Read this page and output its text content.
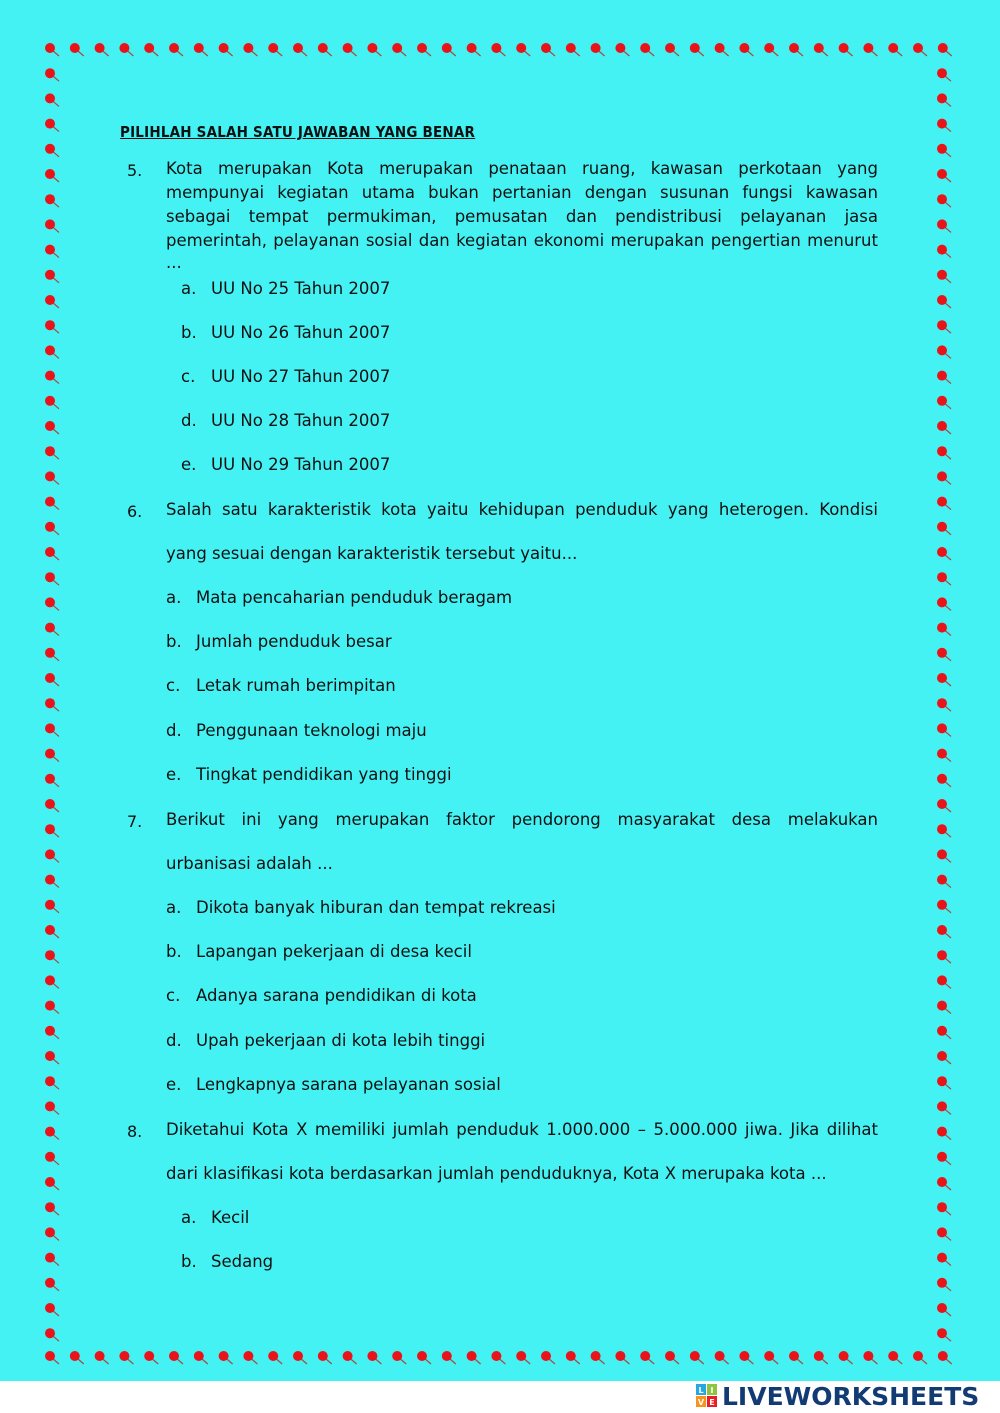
PILIHLAH SALAH SATU JAWABAN YANG BENAR
5. Kota merupakan Kota merupakan penataan ruang, kawasan perkotaan yang
mempunyai kegiatan utama bukan pertanian dengan susunan fungsi kawasan
sebagai tempat permukiman, pemusatan dan pendistribusi pelayanan jasa
pemerintah, pelayanan sosial dan kegiatan ekonomi merupakan pengertian menurut
...
a. UU No 25 Tahun 2007
b. UU No 26 Tahun 2007
c. UU No 27 Tahun 2007
d. UU No 28 Tahun 2007
e. UU No 29 Tahun 2007
6. Salah satu karakteristik kota yaitu kehidupan penduduk yang heterogen. Kondisi
yang sesuai dengan karakteristik tersebut yaitu...
a. Mata pencaharian penduduk beragam
b. Jumlah penduduk besar
c. Letak rumah berimpitan
d. Penggunaan teknologi maju
e. Tingkat pendidikan yang tinggi
7. Berikut ini yang merupakan faktor pendorong masyarakat desa melakukan
urbanisasi adalah ...
a. Dikota banyak hiburan dan tempat rekreasi
b. Lapangan pekerjaan di desa kecil
c. Adanya sarana pendidikan di kota
d. Upah pekerjaan di kota lebih tinggi
e. Lengkapnya sarana pelayanan sosial
8. Diketahui Kota X memiliki jumlah penduduk 1.000.000 – 5.000.000 jiwa. Jika dilihat
dari klasifikasi kota berdasarkan jumlah penduduknya, Kota X merupaka kota ...
a. Kecil
b. Sedang
L I
V E LIVEWORKSHEETS
